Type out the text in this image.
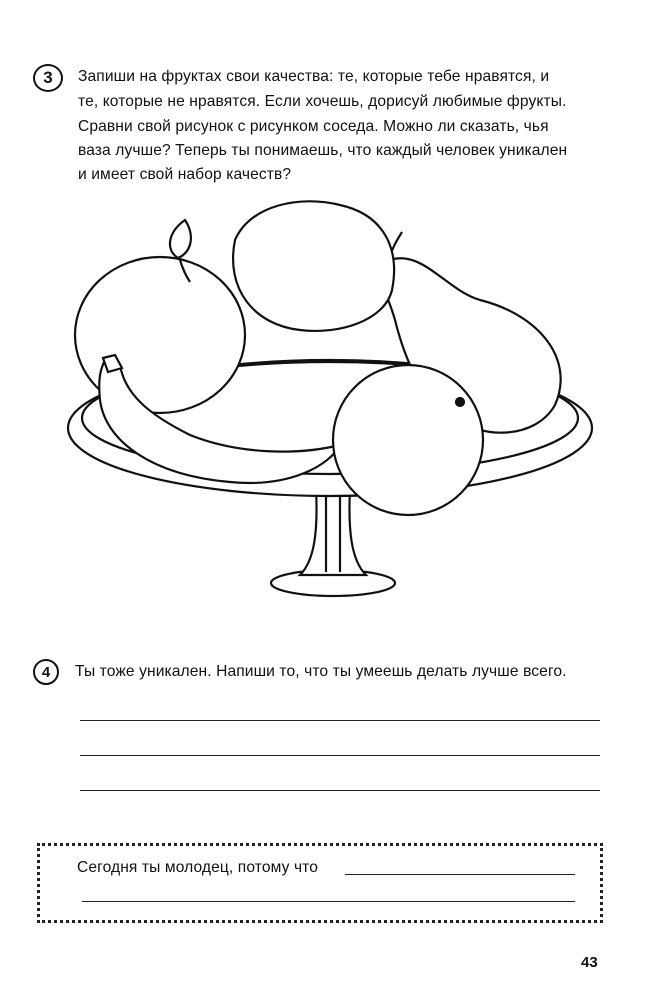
3	Запиши на фруктах свои качества: те, которые тебе нравятся, и
те, которые не нравятся. Если хочешь, дорисуй любимые фрукты.
Сравни свой рисунок с рисунком соседа. Можно ли сказать, чья
ваза лучше? Теперь ты понимаешь, что каждый человек уникален
и имеет свой набор качеств?
4	Ты тоже уникален. Напиши то, что ты умеешь делать лучше всего.
Сегодня ты молодец, потому что
43
